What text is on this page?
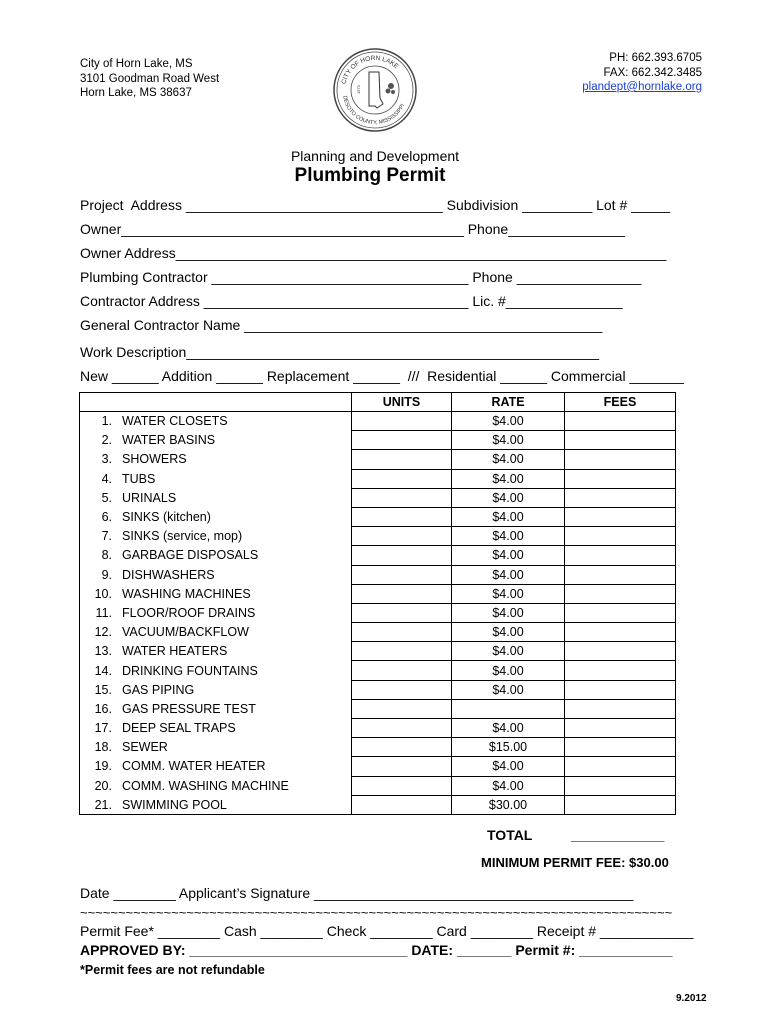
City of Horn Lake, MS
3101 Goodman Road West
Horn Lake, MS 38637
CITY OF HORN LAKE
DESOTO COUNTY, MISSISSIPPI
1973
PH: 662.393.6705
FAX: 662.342.3485
plandept@hornlake.org
Planning and Development
Plumbing Permit
Project  Address _________________________________ Subdivision _________ Lot # _____
Owner____________________________________________ Phone_______________
Owner Address_______________________________________________________________
Plumbing Contractor _________________________________ Phone ________________
Contractor Address __________________________________ Lic. #_______________
General Contractor Name ______________________________________________
Work Description_____________________________________________________
New ______ Addition ______ Replacement ______  ///  Residential ______ Commercial _______
	UNITS	RATE	FEES

1. WATER CLOSETS		$4.00	

2. WATER BASINS		$4.00	

3. SHOWERS		$4.00	

4. TUBS		$4.00	

5. URINALS		$4.00	

6. SINKS (kitchen)		$4.00	

7. SINKS (service, mop)		$4.00	

8. GARBAGE DISPOSALS		$4.00	

9. DISHWASHERS		$4.00	

10. WASHING MACHINES		$4.00	

11. FLOOR/ROOF DRAINS		$4.00	

12. VACUUM/BACKFLOW		$4.00	

13. WATER HEATERS		$4.00	

14. DRINKING FOUNTAINS		$4.00	

15. GAS PIPING		$4.00	

16. GAS PRESSURE TEST			

17. DEEP SEAL TRAPS		$4.00	

18. SEWER		$15.00	

19. COMM. WATER HEATER		$4.00	

20. COMM. WASHING MACHINE		$4.00	

21. SWIMMING POOL		$30.00	
TOTAL          ____________
MINIMUM PERMIT FEE: $30.00
Date ________ Applicant’s Signature _________________________________________
~~~~~~~~~~~~~~~~~~~~~~~~~~~~~~~~~~~~~~~~~~~~~~~~~~~~~~~~~~~~~~~~~~~~~~~~~~~~~~
Permit Fee* ________ Cash ________ Check ________ Card ________ Receipt # ____________
APPROVED BY: ____________________________ DATE: _______ Permit #: ____________
*Permit fees are not refundable
9.2012
